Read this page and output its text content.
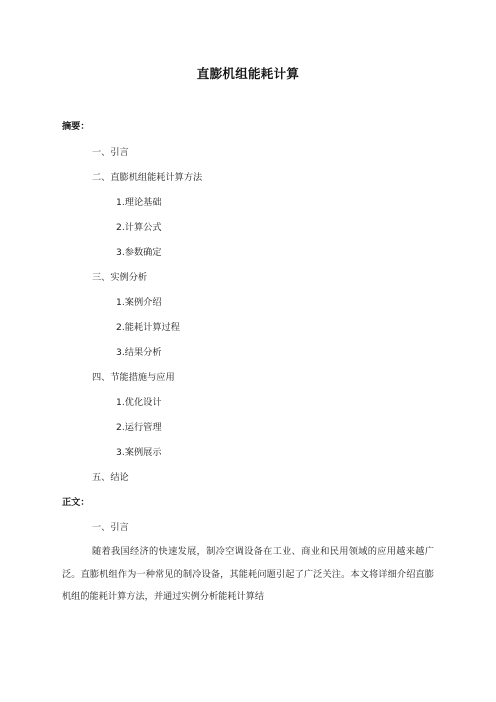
直膨机组能耗计算
摘要：
一、引言
二、直膨机组能耗计算方法
1.理论基础
2.计算公式
3.参数确定
三、实例分析
1.案例介绍
2.能耗计算过程
3.结果分析
四、节能措施与应用
1.优化设计
2.运行管理
3.案例展示
五、结论
正文：
一、引言
随着我国经济的快速发展，制冷空调设备在工业、商业和民用领域的应用越来越广泛。直膨机组作为一种常见的制冷设备，其能耗问题引起了广泛关注。本文将详细介绍直膨机组的能耗计算方法，并通过实例分析能耗计算结
